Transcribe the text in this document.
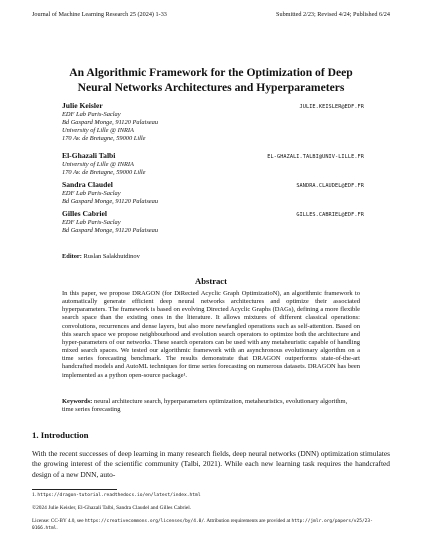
Journal of Machine Learning Research 25 (2024) 1-33	Submitted 2/23; Revised 4/24; Published 6/24
An Algorithmic Framework for the Optimization of Deep
Neural Networks Architectures and Hyperparameters
Julie Keisler	JULIE.KEISLER@EDF.FR
EDF Lab Paris-Saclay
Bd Gaspard Monge, 91120 Palaiseau
University of Lille @ INRIA
170 Av. de Bretagne, 59000 Lille
El-Ghazali Talbi	EL-GHAZALI.TALBI@UNIV-LILLE.FR
University of Lille @ INRIA
170 Av. de Bretagne, 59000 Lille
Sandra Claudel	SANDRA.CLAUDEL@EDF.FR
EDF Lab Paris-Saclay
Bd Gaspard Monge, 91120 Palaiseau
Gilles Cabriel	GILLES.CABRIEL@EDF.FR
EDF Lab Paris-Saclay
Bd Gaspard Monge, 91120 Palaiseau
Editor: Ruslan Salakhutdinov
Abstract
In this paper, we propose DRAGON (for DiRected Acyclic Graph OptimizatioN), an algorithmic framework to automatically generate efficient deep neural networks architectures and optimize their associated hyperparameters. The framework is based on evolving Directed Acyclic Graphs (DAGs), defining a more flexible search space than the existing ones in the literature. It allows mixtures of different classical operations: convolutions, recurrences and dense layers, but also more newfangled operations such as self-attention. Based on this search space we propose neighbourhood and evolution search operators to optimize both the architecture and hyper-parameters of our networks. These search operators can be used with any metaheuristic capable of handling mixed search spaces. We tested our algorithmic framework with an asynchronous evolutionary algorithm on a time series forecasting benchmark. The results demonstrate that DRAGON outperforms state-of-the-art handcrafted models and AutoML techniques for time series forecasting on numerous datasets. DRAGON has been implemented as a python open-source package¹.
Keywords: neural architecture search, hyperparameters optimization, metaheuristics, evolutionary algorithm, time series forecasting
1. Introduction
With the recent successes of deep learning in many research fields, deep neural networks (DNN) optimization stimulates the growing interest of the scientific community (Talbi, 2021). While each new learning task requires the handcrafted design of a new DNN, auto-
1. https://dragon-tutorial.readthedocs.io/en/latest/index.html
©2024 Julie Keisler, El-Ghazali Talbi, Sandra Claudel and Gilles Cabriel.
License: CC-BY 4.0, see https://creativecommons.org/licenses/by/4.0/. Attribution requirements are provided at http://jmlr.org/papers/v25/23-0166.html.
